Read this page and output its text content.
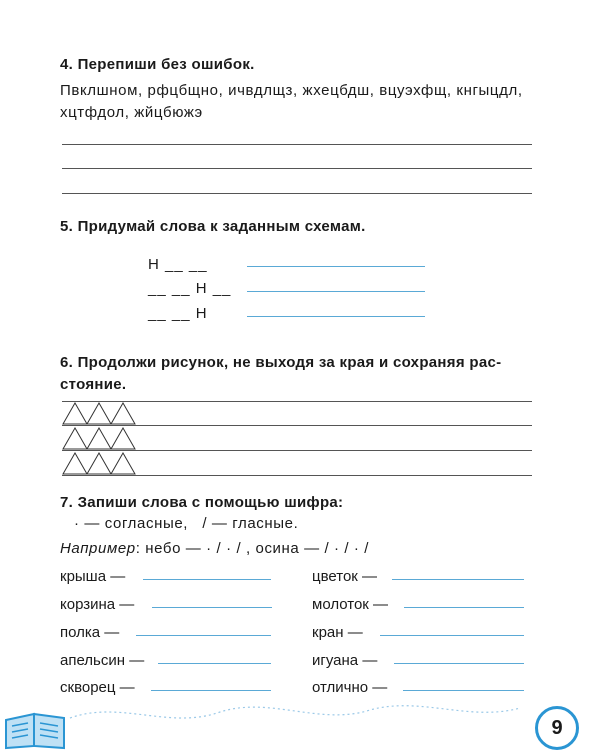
4. Перепиши без ошибок.
Пвклшном, рфцбщно, ичвдлщз, жхецбдш, вцуэхфщ, кнгыцдл,
хцтфдол, жйцбюжэ
5. Придумай слова к заданным схемам.
Н __ __
__ __ Н __
__ __ Н
6. Продолжи рисунок, не выходя за края и сохраняя рас-
стояние.
7. Запиши слова с помощью шифра:
· — согласные,   / — гласные.
Например: небо — · / · / , осина — / · / · /
крыша —
корзина —
полка —
апельсин —
скворец —
цветок —
молоток —
кран —
игуана —
отлично —
9
